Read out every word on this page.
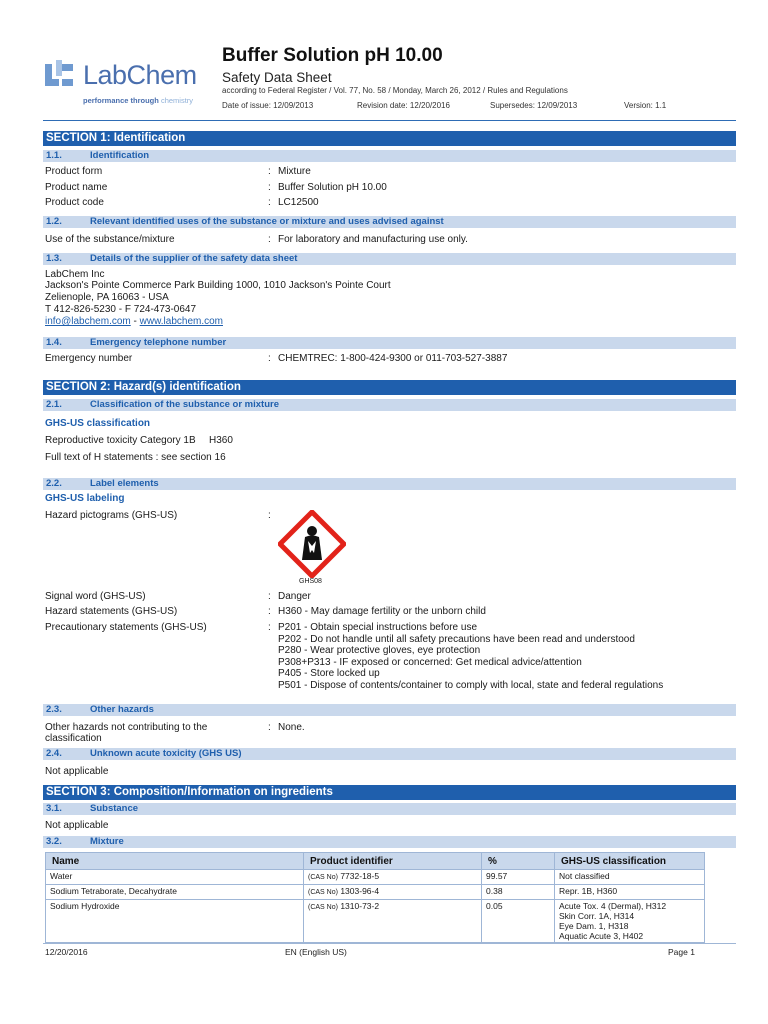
LabChem
performance through chemistry
Buffer Solution pH 10.00
Safety Data Sheet
according to Federal Register / Vol. 77, No. 58 / Monday, March 26, 2012 / Rules and Regulations
Date of issue: 12/09/2013	Revision date: 12/20/2016	Supersedes: 12/09/2013	Version: 1.1
SECTION 1: Identification
1.1.	Identification
Product form	: Mixture
Product name	: Buffer Solution pH 10.00
Product code	: LC12500
1.2.	Relevant identified uses of the substance or mixture and uses advised against
Use of the substance/mixture	: For laboratory and manufacturing use only.
1.3.	Details of the supplier of the safety data sheet
LabChem Inc
Jackson's Pointe Commerce Park Building 1000, 1010 Jackson's Pointe Court
Zelienople, PA 16063 - USA
T 412-826-5230 - F 724-473-0647
info@labchem.com - www.labchem.com
1.4.	Emergency telephone number
Emergency number	: CHEMTREC: 1-800-424-9300 or 011-703-527-3887
SECTION 2: Hazard(s) identification
2.1.	Classification of the substance or mixture
GHS-US classification
Reproductive toxicity Category 1B H360
Full text of H statements : see section 16
2.2.	Label elements
GHS-US labeling
Hazard pictograms (GHS-US)	:
GHS08
Signal word (GHS-US)	: Danger
Hazard statements (GHS-US)	: H360 - May damage fertility or the unborn child
Precautionary statements (GHS-US)	: P201 - Obtain special instructions before use
P202 - Do not handle until all safety precautions have been read and understood
P280 - Wear protective gloves, eye protection
P308+P313 - IF exposed or concerned: Get medical advice/attention
P405 - Store locked up
P501 - Dispose of contents/container to comply with local, state and federal regulations
2.3.	Other hazards
Other hazards not contributing to the
classification
: None.
2.4.	Unknown acute toxicity (GHS US)
Not applicable
SECTION 3: Composition/Information on ingredients
3.1.	Substance
Not applicable
3.2.	Mixture
Name	Product identifier	%	GHS-US classification
Water	(CAS No) 7732-18-5	99.57	Not classified

Sodium Tetraborate, Decahydrate	(CAS No) 1303-96-4	0.38	Repr. 1B, H360

Sodium Hydroxide	(CAS No) 1310-73-2	0.05	Acute Tox. 4 (Dermal), H312
Skin Corr. 1A, H314
Eye Dam. 1, H318
Aquatic Acute 3, H402
12/20/2016	EN (English US)	Page 1
